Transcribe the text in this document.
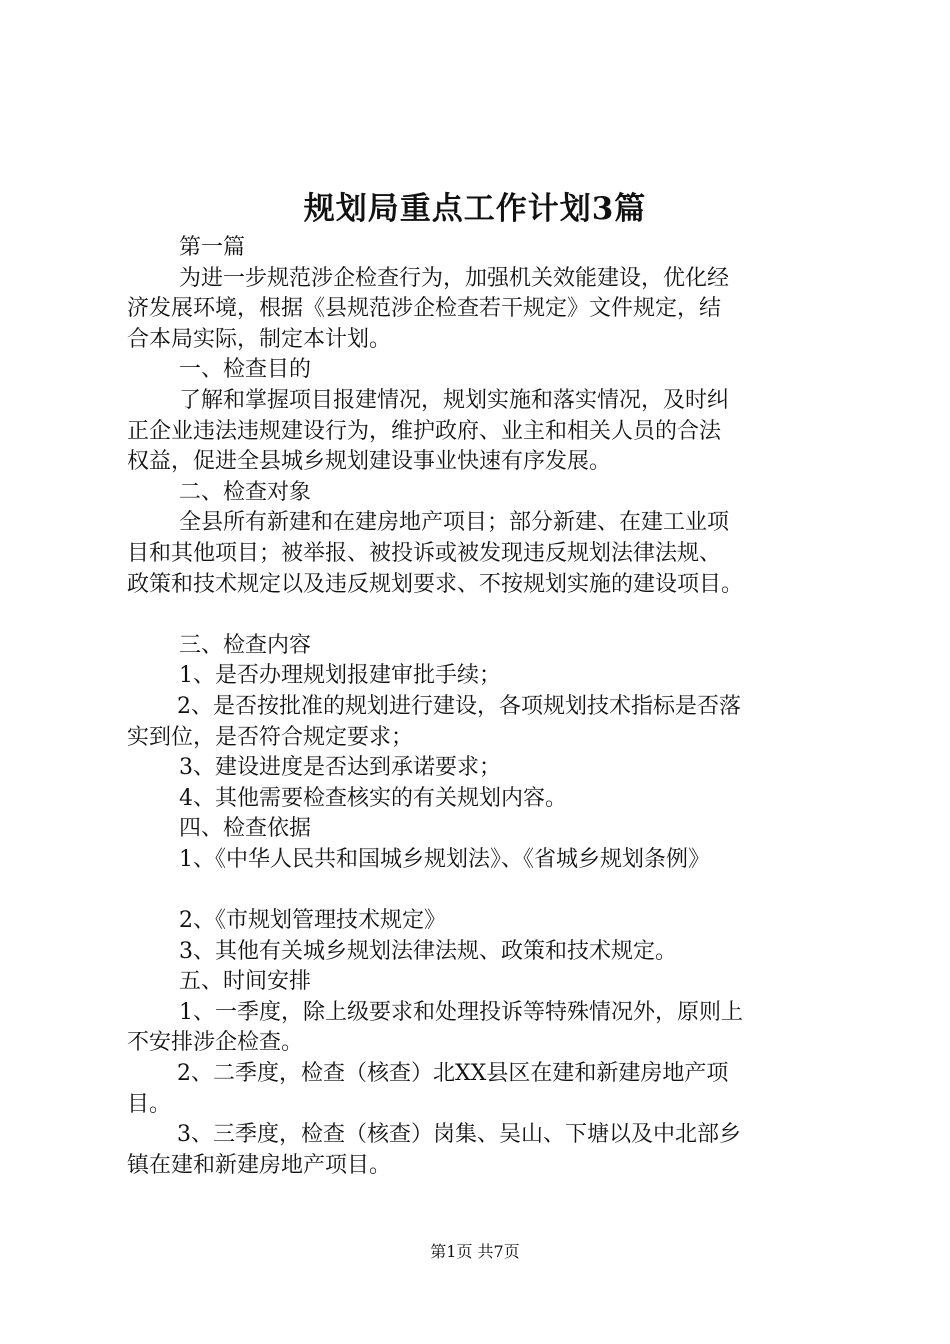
规划局重点工作计划3篇
第一篇
为进一步规范涉企检查行为，加强机关效能建设，优化经
济发展环境，根据《县规范涉企检查若干规定》文件规定，结
合本局实际，制定本计划。
一、检查目的
了解和掌握项目报建情况，规划实施和落实情况，及时纠
正企业违法违规建设行为，维护政府、业主和相关人员的合法
权益，促进全县城乡规划建设事业快速有序发展。
二、检查对象
全县所有新建和在建房地产项目；部分新建、在建工业项
目和其他项目；被举报、被投诉或被发现违反规划法律法规、
政策和技术规定以及违反规划要求、不按规划实施的建设项目。
三、检查内容
1、是否办理规划报建审批手续；
2、是否按批准的规划进行建设，各项规划技术指标是否落
实到位，是否符合规定要求；
3、建设进度是否达到承诺要求；
4、其他需要检查核实的有关规划内容。
四、检查依据
1、《中华人民共和国城乡规划法》、《省城乡规划条例》
2、《市规划管理技术规定》
3、其他有关城乡规划法律法规、政策和技术规定。
五、时间安排
1、一季度，除上级要求和处理投诉等特殊情况外，原则上
不安排涉企检查。
2、二季度，检查（核查）北XX县区在建和新建房地产项
目。
3、三季度，检查（核查）岗集、吴山、下塘以及中北部乡
镇在建和新建房地产项目。
第1页 共7页
